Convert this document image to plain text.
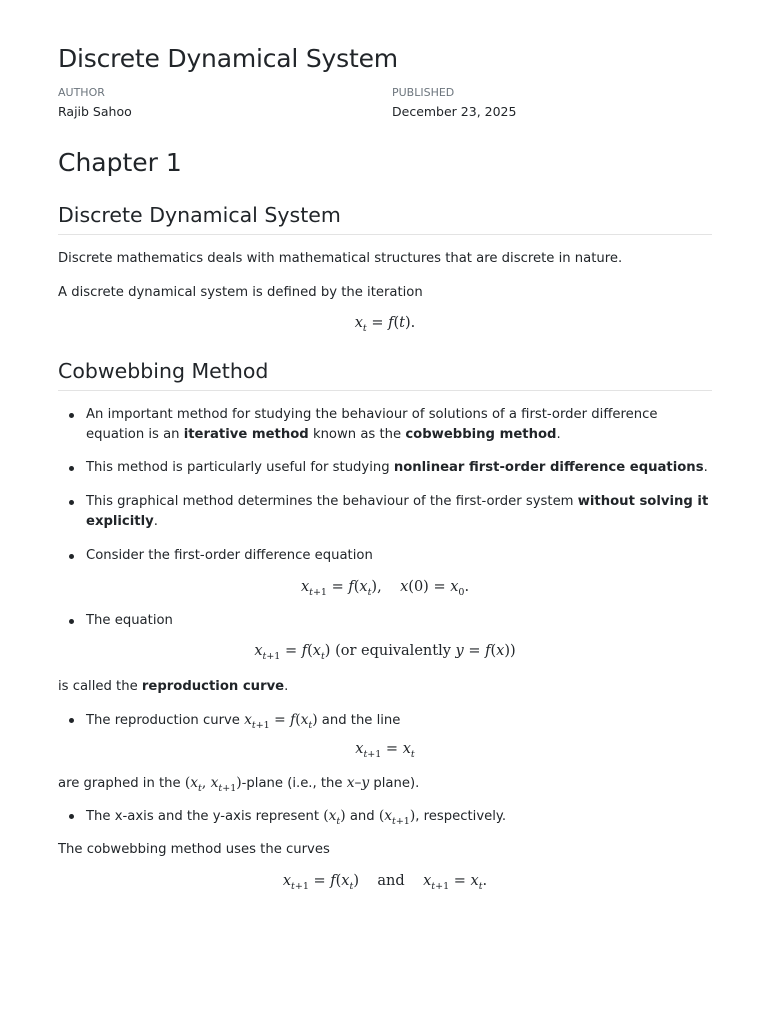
Discrete Dynamical System
AUTHOR
Rajib Sahoo
PUBLISHED
December 23, 2025
Chapter 1
Discrete Dynamical System

Discrete mathematics deals with mathematical structures that are discrete in nature.

A discrete dynamical system is defined by the iteration

$x_t = f(t)$.
Cobwebbing Method
An important method for studying the behaviour of solutions of a first-order difference equation is an iterative method known as the cobwebbing method.
This method is particularly useful for studying nonlinear first-order difference equations.
This graphical method determines the behaviour of the first-order system without solving it explicitly.
Consider the first-order difference equation
$x_{t+1} = f(x_t)$,    $x(0) = x_0$.
The equation
$x_{t+1} = f(x_t)$ (or equivalently y = f(x))

is called the reproduction curve.

The reproduction curve $x_{t+1} = f(x_t)$ and the line
$x_{t+1} = x_t$

are graphed in the ($x_t$, $x_{t+1}$)-plane (i.e., the x–y plane).

The x-axis and the y-axis represent $(x_t)$ and $(x_{t+1})$, respectively.

The cobwebbing method uses the curves

$x_{t+1} = f(x_t)$    and $x_{t+1} = x_t$.
